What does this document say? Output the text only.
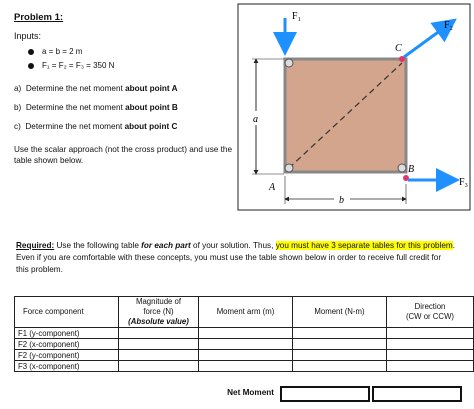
Problem 1:
Inputs:
a = b = 2 m
F₁ = F₂ = F₃ = 350 N
a) Determine the net moment about point A
b) Determine the net moment about point B
c) Determine the net moment about point C
Use the scalar approach (not the cross product) and use the table shown below.
F₁
F₂
F₃
C
B
A
a
b
Required: Use the following table for each part of your solution. Thus, you must have 3 separate tables for this problem. Even if you are comfortable with these concepts, you must use the table shown below in order to receive full credit for this problem.
Force component	Magnitude of
force (N)
(Absolute value)	Moment arm (m)	Moment (N-m)	Direction
(CW or CCW)
F1 (y-component)				
F2 (x-component)				
F2 (y-component)				
F3 (x-component)				
Net Moment
